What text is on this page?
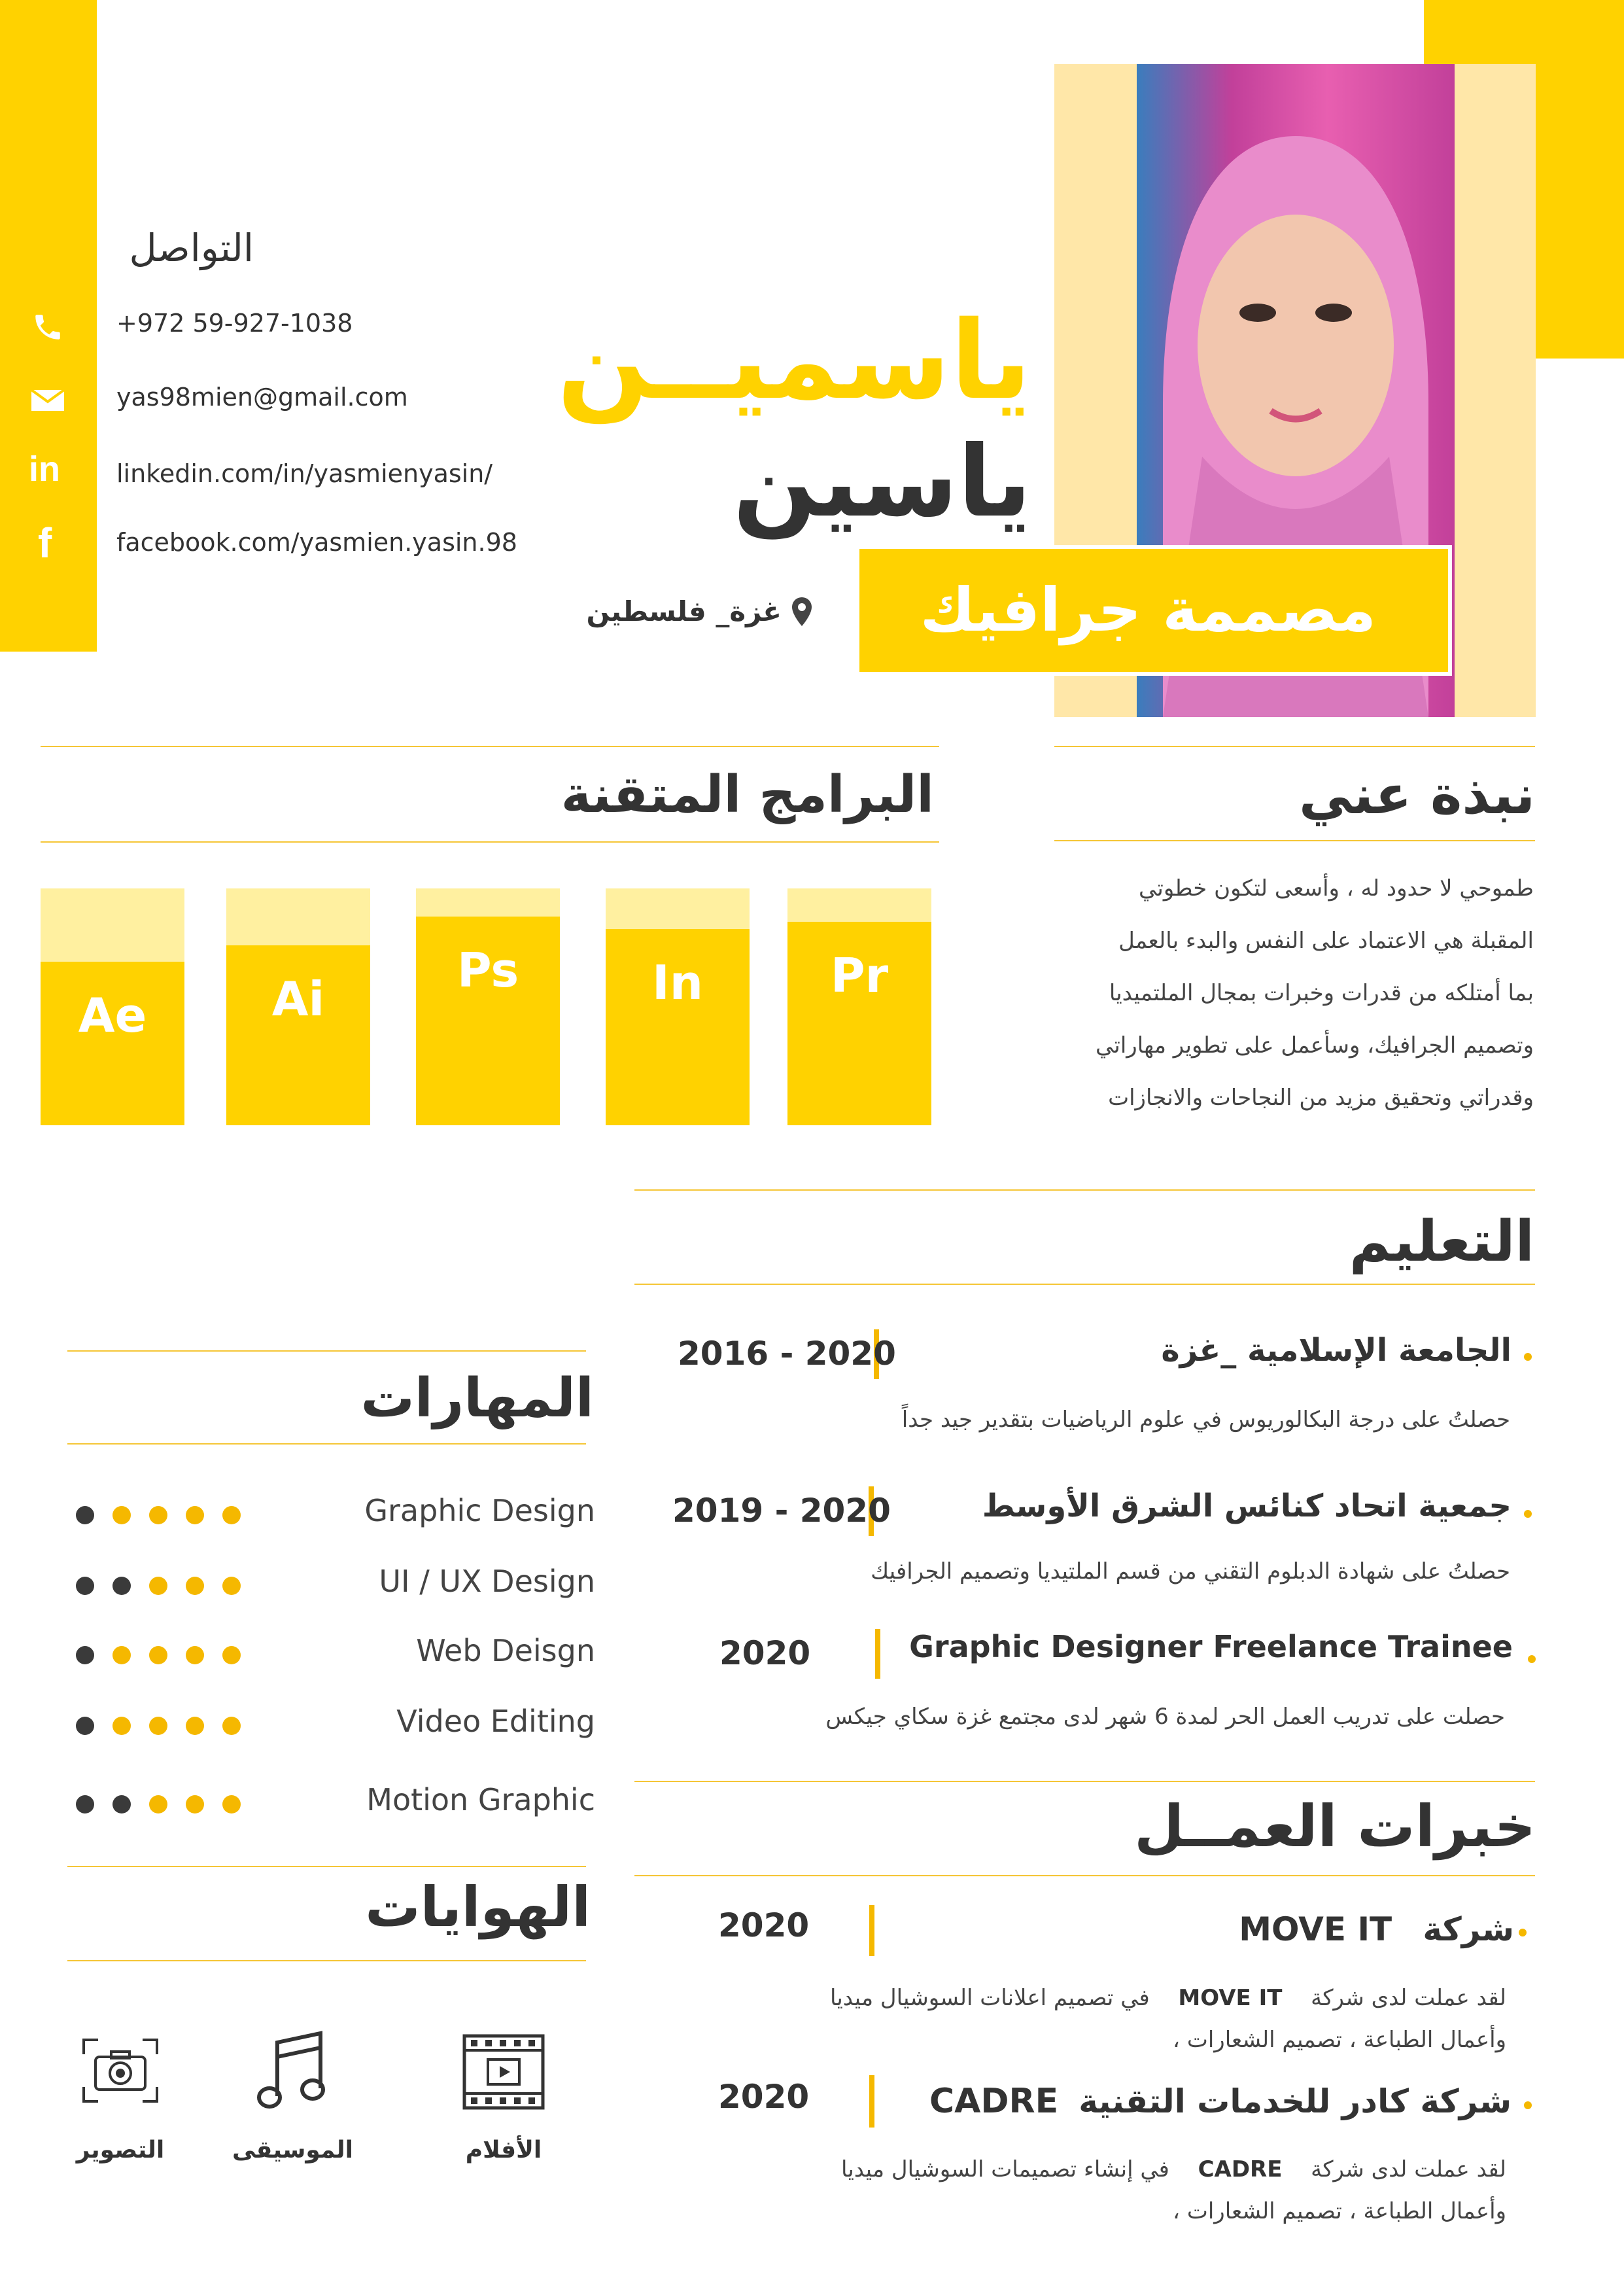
ياسميــن
ياسين
مصممة جرافيك
غزة_ فلسطين
التواصل
in
f
+972 59-927-1038
yas98mien@gmail.com
linkedin.com/in/yasmienyasin/
facebook.com/yasmien.yasin.98
البرامج المتقنة
Pr
In
Ps
Ai
Ae
نبذة عني
طموحي لا حدود له ، وأسعى لتكون خطوتي
المقبلة هي الاعتماد على النفس والبدء بالعمل
بما أمتلكه من قدرات وخبرات بمجال الملتميديا
وتصميم الجرافيك، وسأعمل على تطوير مهاراتي
وقدراتي وتحقيق مزيد من النجاحات والانجازات
التعليم
الجامعة الإسلامية _غزة
2016 - 2020
حصلتُ على درجة البكالوريوس في علوم الرياضيات بتقدير جيد جداً
جمعية اتحاد كنائس الشرق الأوسط
2019 - 2020
حصلتُ على شهادة الدبلوم التقني من قسم الملتيديا وتصميم الجرافيك
Graphic Designer Freelance Trainee
2020
حصلت على تدريب العمل الحر لمدة 6 شهر لدى مجتمع غزة سكاي جيكس
المهارات
Graphic Design
UI / UX Design
Web Deisgn
Video Editing
Motion Graphic	خبرات العمــل
شركة  MOVE IT
2020
لقد عملت لدى شركة  MOVE IT  في تصميم اعلانات السوشيال ميديا
وأعمال الطباعة ، تصميم الشعارات ،
شركة كادر للخدمات التقنية  CADRE
2020
لقد عملت لدى شركة  CADRE  في إنشاء تصميمات السوشيال ميديا
وأعمال الطباعة ، تصميم الشعارات ،
الهوايات
الأفلام
الموسيقى
التصوير
